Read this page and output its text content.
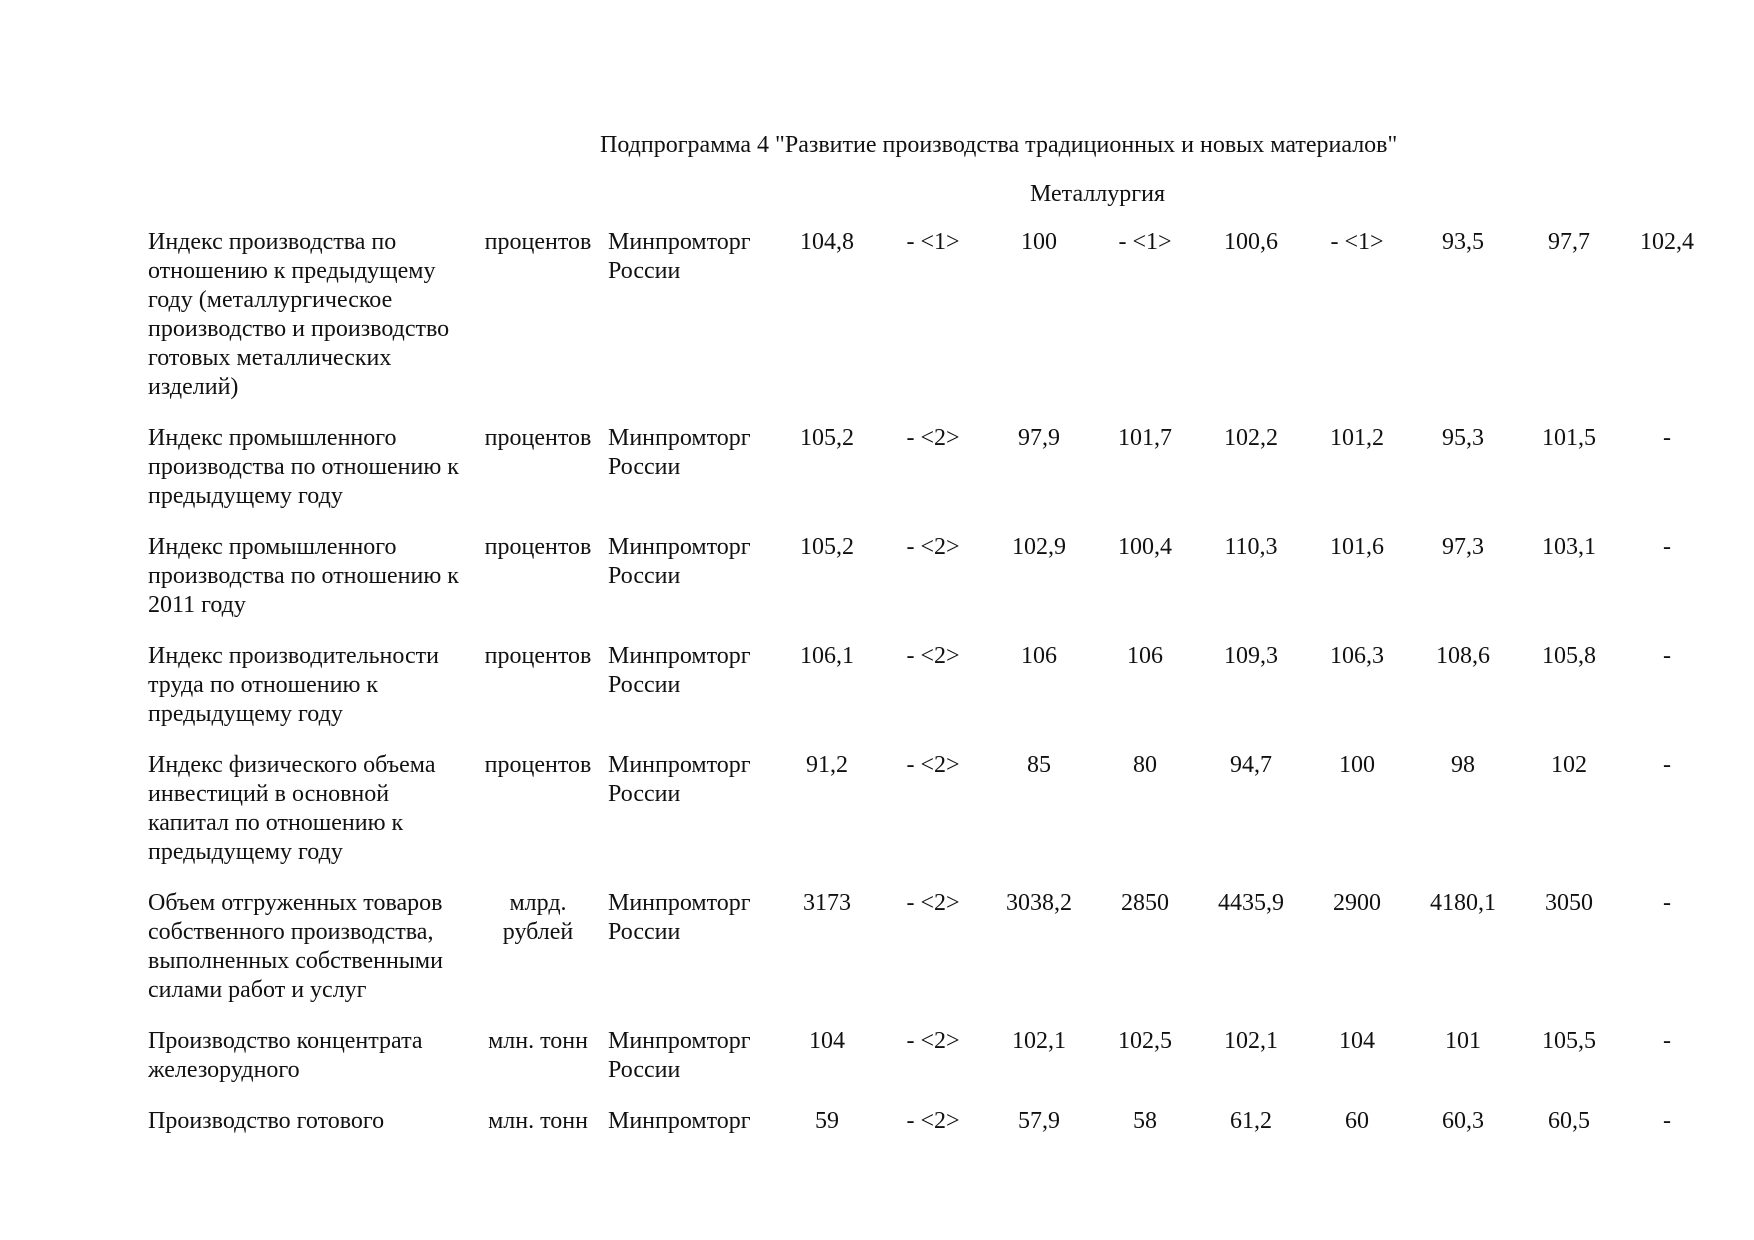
Подпрограмма 4 "Развитие производства традиционных и новых материалов"
Металлургия
Индекс производства по отношению к предыдущему году (металлургическое производство и производство готовых металлических изделий)	процентов	Минпромторг России	104,8	- <1>	100	- <1>	100,6	- <1>	93,5	97,7	102,4
Индекс промышленного производства по отношению к предыдущему году	процентов	Минпромторг России	105,2	- <2>	97,9	101,7	102,2	101,2	95,3	101,5	-
Индекс промышленного производства по отношению к 2011 году	процентов	Минпромторг России	105,2	- <2>	102,9	100,4	110,3	101,6	97,3	103,1	-
Индекс производительности труда по отношению к предыдущему году	процентов	Минпромторг России	106,1	- <2>	106	106	109,3	106,3	108,6	105,8	-
Индекс физического объема инвестиций в основной капитал по отношению к предыдущему году	процентов	Минпромторг России	91,2	- <2>	85	80	94,7	100	98	102	-
Объем отгруженных товаров собственного производства, выполненных собственными силами работ и услуг	млрд. рублей	Минпромторг России	3173	- <2>	3038,2	2850	4435,9	2900	4180,1	3050	-
Производство концентрата железорудного	млн. тонн	Минпромторг России	104	- <2>	102,1	102,5	102,1	104	101	105,5	-
Производство готового	млн. тонн	Минпромторг	59	- <2>	57,9	58	61,2	60	60,3	60,5	-
